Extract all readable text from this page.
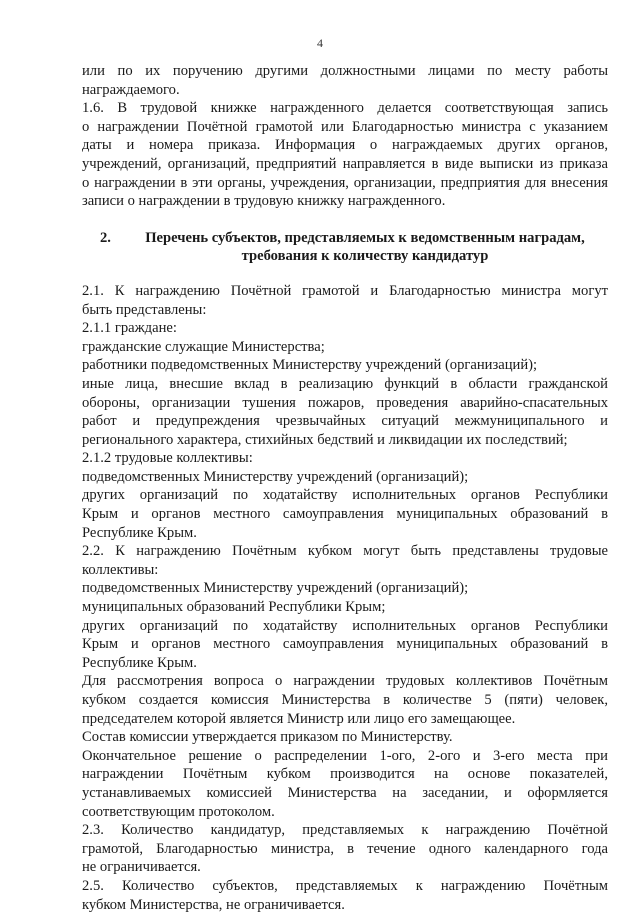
4

или по их поручению другими должностными лицами по месту работы

награждаемого.

1.6. В трудовой книжке награжденного делается соответствующая запись

о награждении Почётной грамотой или Благодарностью министра с указанием

даты и номера приказа. Информация о награждаемых других органов,

учреждений, организаций, предприятий направляется в виде выписки из приказа

о награждении в эти органы, учреждения, организации, предприятия для внесения

записи о награждении в трудовую книжку награжденного.

2.	Перечень субъектов, представляемых к ведомственным наградам,
требования к количеству кандидатур

2.1. К награждению Почётной грамотой и Благодарностью министра могут

быть представлены:

2.1.1 граждане:

гражданские служащие Министерства;

работники подведомственных Министерству учреждений (организаций);

иные лица, внесшие вклад в реализацию функций в области гражданской

обороны, организации тушения пожаров, проведения аварийно-спасательных

работ и предупреждения чрезвычайных ситуаций межмуниципального и

регионального характера, стихийных бедствий и ликвидации их последствий;

2.1.2 трудовые коллективы:

подведомственных Министерству учреждений (организаций);

других организаций по ходатайству исполнительных органов Республики

Крым и органов местного самоуправления муниципальных образований в

Республике Крым.

2.2. К награждению Почётным кубком могут быть представлены трудовые

коллективы:

подведомственных Министерству учреждений (организаций);

муниципальных образований Республики Крым;

других организаций по ходатайству исполнительных органов Республики

Крым и органов местного самоуправления муниципальных образований в

Республике Крым.

Для рассмотрения вопроса о награждении трудовых коллективов Почётным

кубком создается комиссия Министерства в количестве 5 (пяти) человек,

председателем которой является Министр или лицо его замещающее.

Состав комиссии утверждается приказом по Министерству.

Окончательное решение о распределении 1-ого, 2-ого и 3-его места при

награждении Почётным кубком производится на основе показателей,

устанавливаемых комиссией Министерства на заседании, и оформляется

соответствующим протоколом.

2.3. Количество кандидатур, представляемых к награждению Почётной

грамотой, Благодарностью министра, в течение одного календарного года

не ограничивается.

2.5. Количество субъектов, представляемых к награждению Почётным

кубком Министерства, не ограничивается.
